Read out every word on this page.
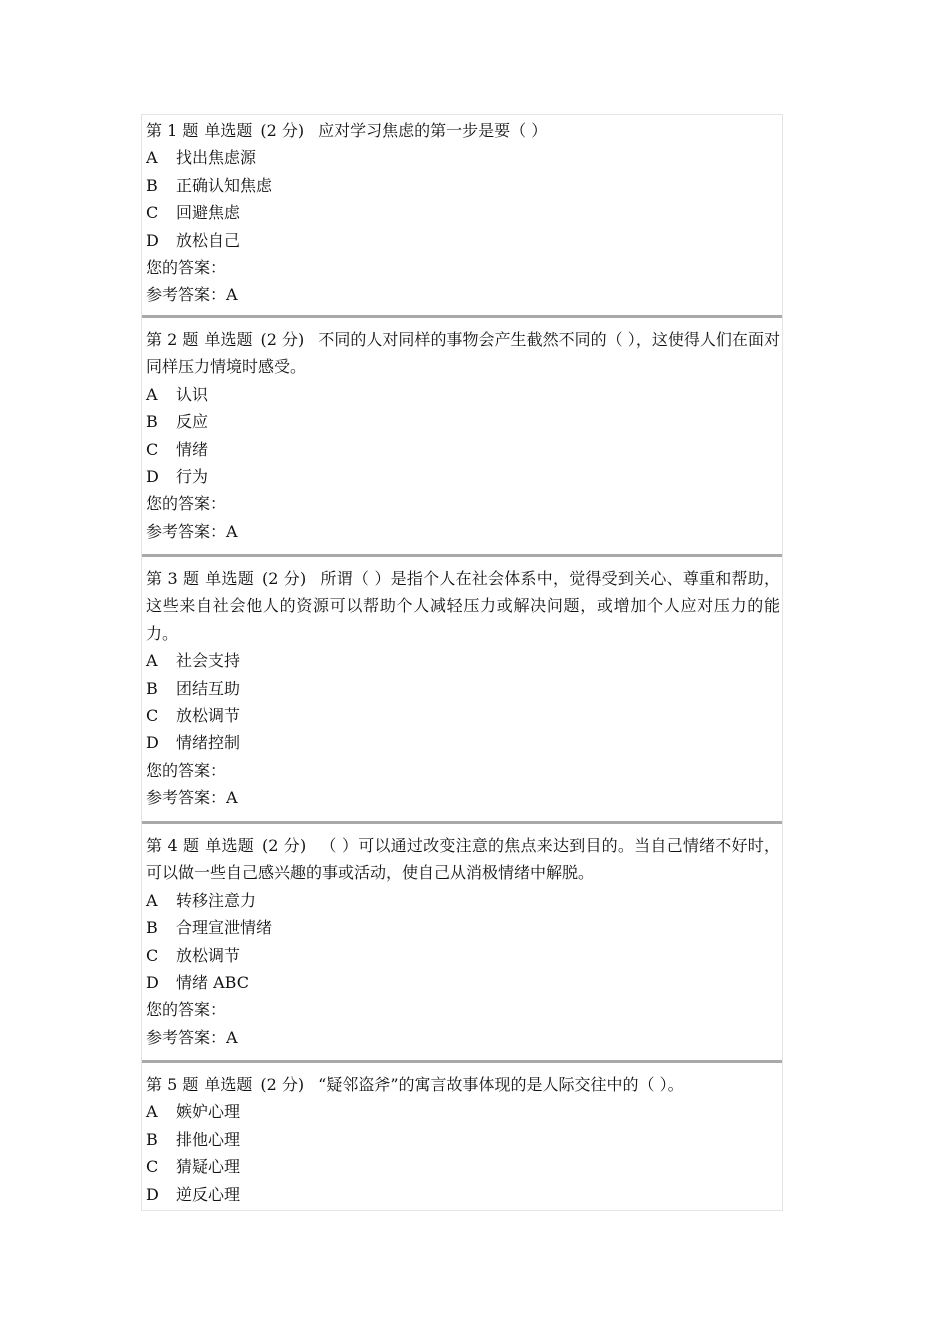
第 1 题 单选题 (2 分) 应对学习焦虑的第一步是要（ ）
A 找出焦虑源
B 正确认知焦虑
C 回避焦虑
D 放松自己
您的答案：
参考答案：A
第 2 题 单选题 (2 分) 不同的人对同样的事物会产生截然不同的（ ），这使得人们在面对同样压力情境时感受。
A 认识
B 反应
C 情绪
D 行为
您的答案：
参考答案：A
第 3 题 单选题 (2 分) 所谓（ ）是指个人在社会体系中，觉得受到关心、尊重和帮助，这些来自社会他人的资源可以帮助个人减轻压力或解决问题，或增加个人应对压力的能力。
A 社会支持
B 团结互助
C 放松调节
D 情绪控制
您的答案：
参考答案：A
第 4 题 单选题 (2 分) （ ）可以通过改变注意的焦点来达到目的。当自己情绪不好时，可以做一些自己感兴趣的事或活动，使自己从消极情绪中解脱。
A 转移注意力
B 合理宣泄情绪
C 放松调节
D 情绪 ABC
您的答案：
参考答案：A
第 5 题 单选题 (2 分) “疑邻盗斧”的寓言故事体现的是人际交往中的（ ）。
A 嫉妒心理
B 排他心理
C 猜疑心理
D 逆反心理
